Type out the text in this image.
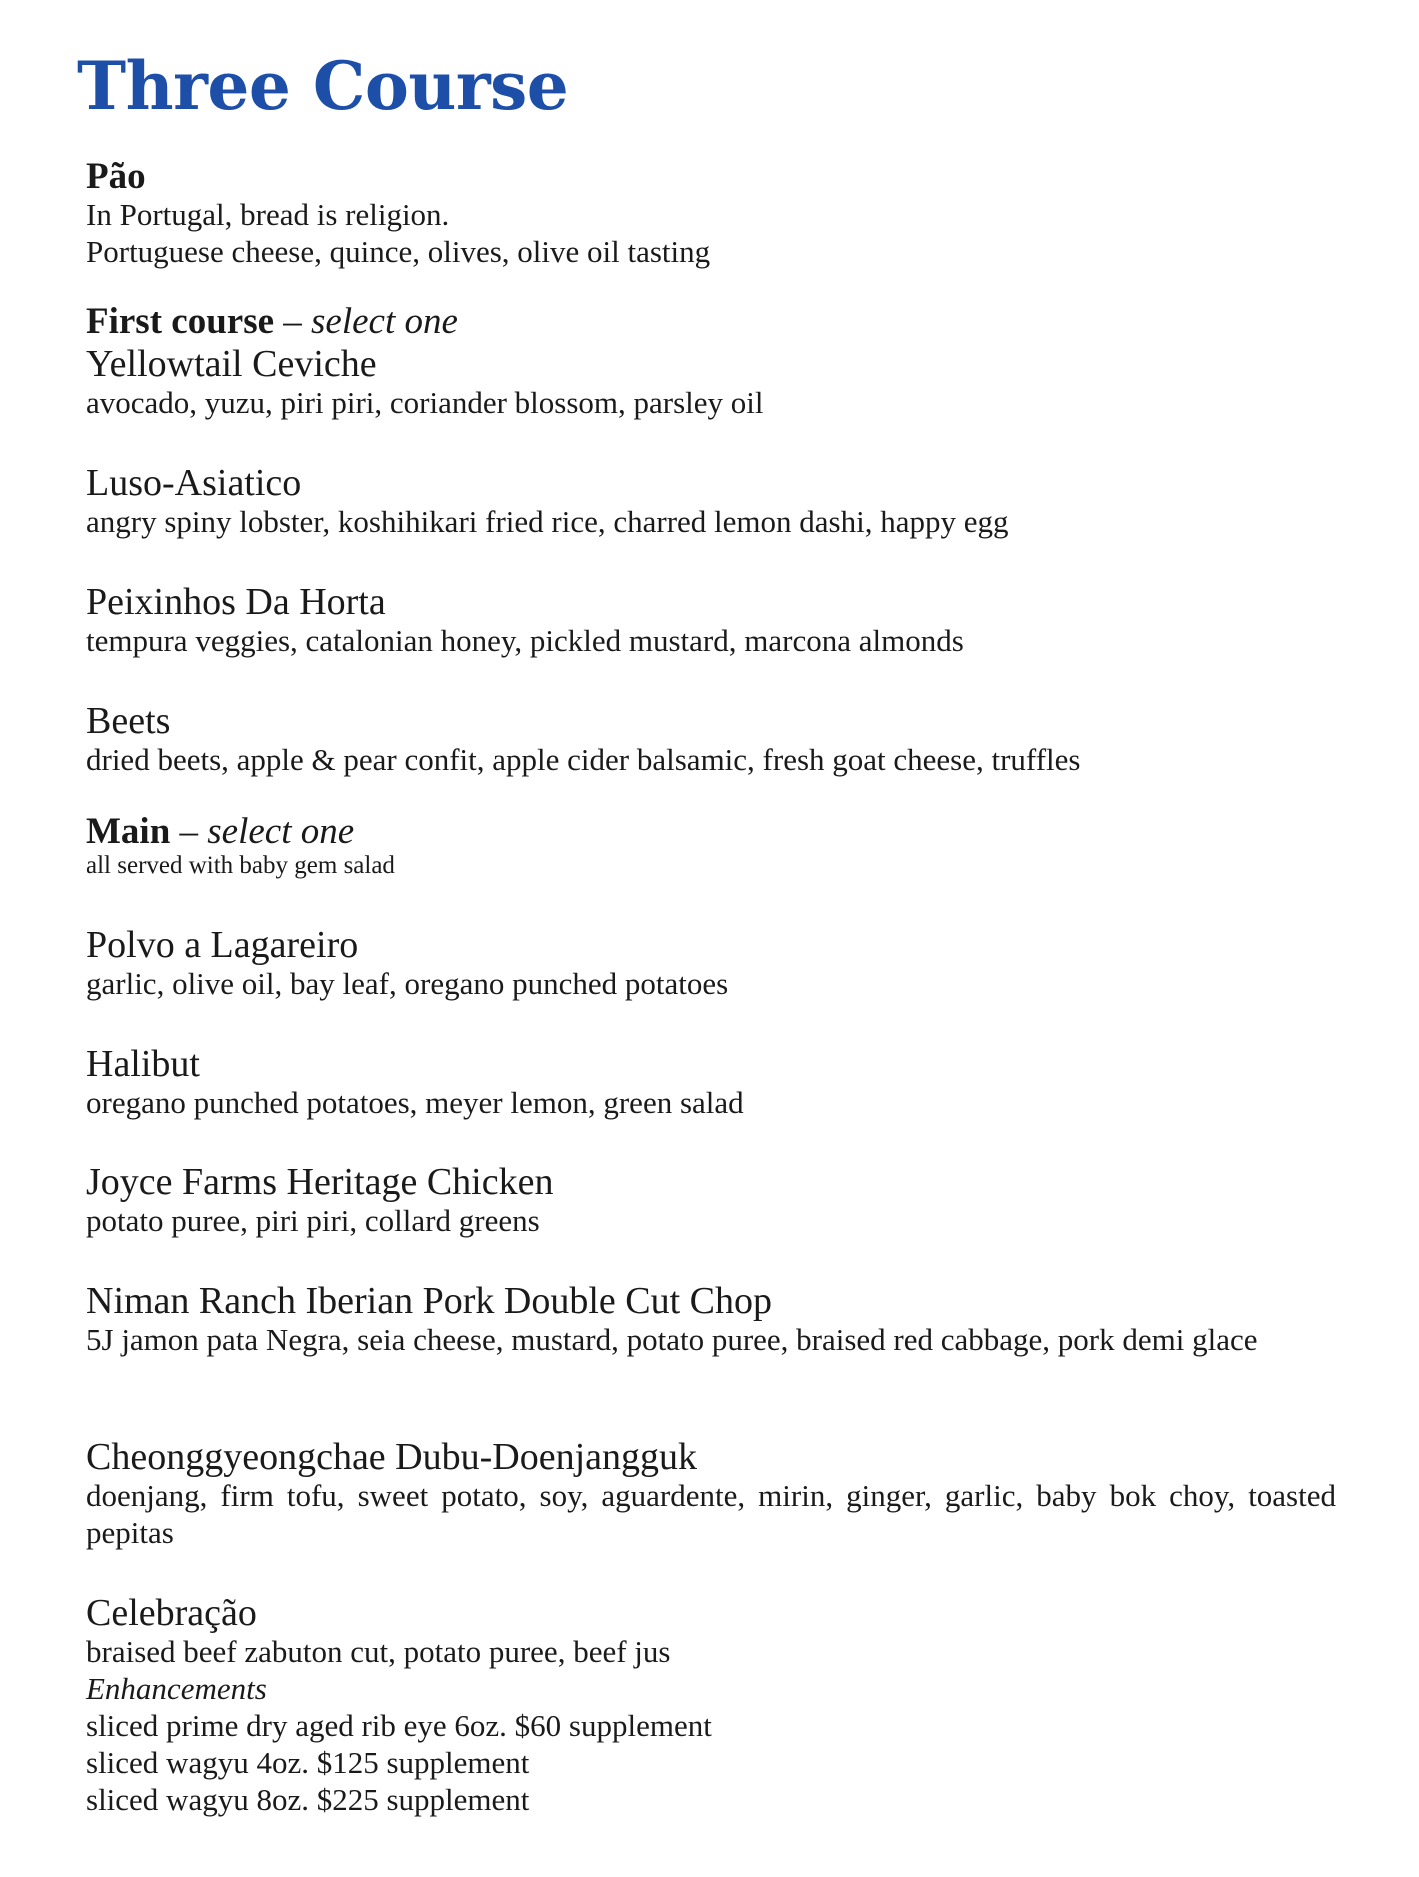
Three Course
Pão
In Portugal, bread is religion.
Portuguese cheese, quince, olives, olive oil tasting
First course – select one
Yellowtail Ceviche
avocado, yuzu, piri piri, coriander blossom, parsley oil
Luso-Asiatico
angry spiny lobster, koshihikari fried rice, charred lemon dashi, happy egg
Peixinhos Da Horta
tempura veggies, catalonian honey, pickled mustard, marcona almonds
Beets
dried beets, apple & pear confit, apple cider balsamic, fresh goat cheese, truffles
Main – select one
all served with baby gem salad
Polvo a Lagareiro
garlic, olive oil, bay leaf, oregano punched potatoes
Halibut
oregano punched potatoes, meyer lemon, green salad
Joyce Farms Heritage Chicken
potato puree, piri piri, collard greens
Niman Ranch Iberian Pork Double Cut Chop
5J jamon pata Negra, seia cheese, mustard, potato puree, braised red cabbage, pork demi glace
Cheonggyeongchae Dubu-Doenjangguk
doenjang, firm tofu, sweet potato, soy, aguardente, mirin, ginger, garlic, baby bok choy, toasted pepitas
Celebração
braised beef zabuton cut, potato puree, beef jus
Enhancements
sliced prime dry aged rib eye 6oz. $60 supplement
sliced wagyu 4oz. $125 supplement
sliced wagyu 8oz. $225 supplement
